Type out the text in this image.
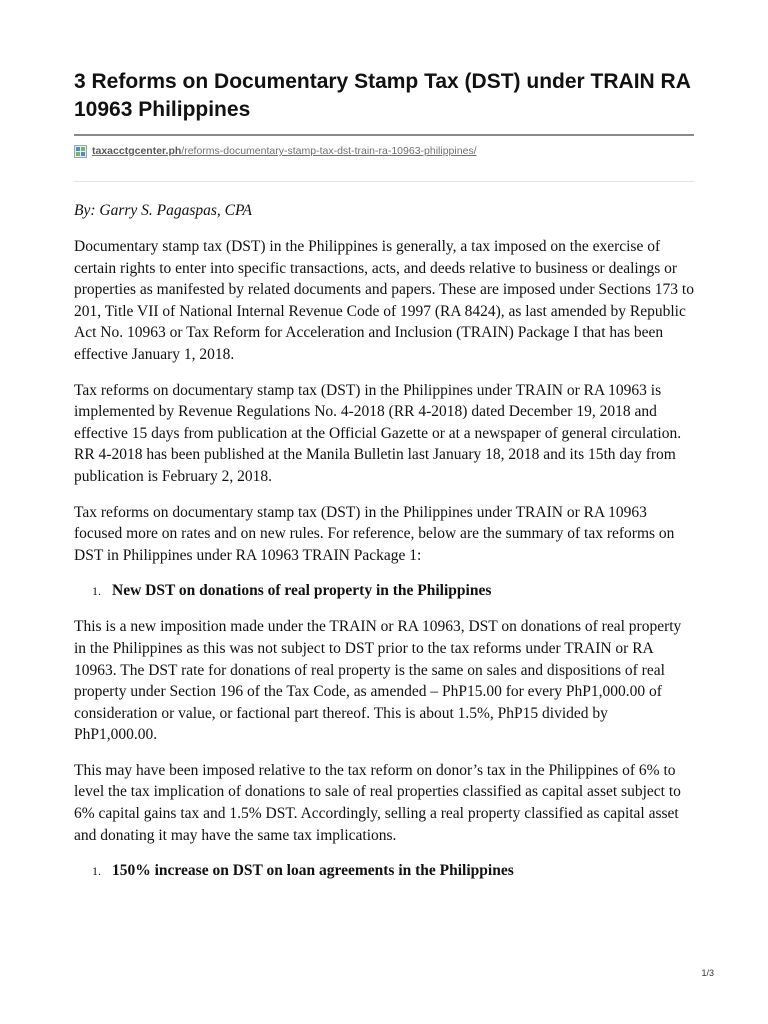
3 Reforms on Documentary Stamp Tax (DST) under TRAIN RA 10963 Philippines
taxacctgcenter.ph/reforms-documentary-stamp-tax-dst-train-ra-10963-philippines/
By: Garry S. Pagaspas, CPA

Documentary stamp tax (DST) in the Philippines is generally, a tax imposed on the exercise of certain rights to enter into specific transactions, acts, and deeds relative to business or dealings or properties as manifested by related documents and papers. These are imposed under Sections 173 to 201, Title VII of National Internal Revenue Code of 1997 (RA 8424), as last amended by Republic Act No. 10963 or Tax Reform for Acceleration and Inclusion (TRAIN) Package I that has been effective January 1, 2018.

Tax reforms on documentary stamp tax (DST) in the Philippines under TRAIN or RA 10963 is implemented by Revenue Regulations No. 4-2018 (RR 4-2018) dated December 19, 2018 and effective 15 days from publication at the Official Gazette or at a newspaper of general circulation. RR 4-2018 has been published at the Manila Bulletin last January 18, 2018 and its 15th day from publication is February 2, 2018.

Tax reforms on documentary stamp tax (DST) in the Philippines under TRAIN or RA 10963 focused more on rates and on new rules. For reference, below are the summary of tax reforms on DST in Philippines under RA 10963 TRAIN Package 1:

1. New DST on donations of real property in the Philippines

This is a new imposition made under the TRAIN or RA 10963, DST on donations of real property in the Philippines as this was not subject to DST prior to the tax reforms under TRAIN or RA 10963. The DST rate for donations of real property is the same on sales and dispositions of real property under Section 196 of the Tax Code, as amended – PhP15.00 for every PhP1,000.00 of consideration or value, or factional part thereof. This is about 1.5%, PhP15 divided by PhP1,000.00.

This may have been imposed relative to the tax reform on donor’s tax in the Philippines of 6% to level the tax implication of donations to sale of real properties classified as capital asset subject to 6% capital gains tax and 1.5% DST. Accordingly, selling a real property classified as capital asset and donating it may have the same tax implications.

1. 150% increase on DST on loan agreements in the Philippines
1/3
